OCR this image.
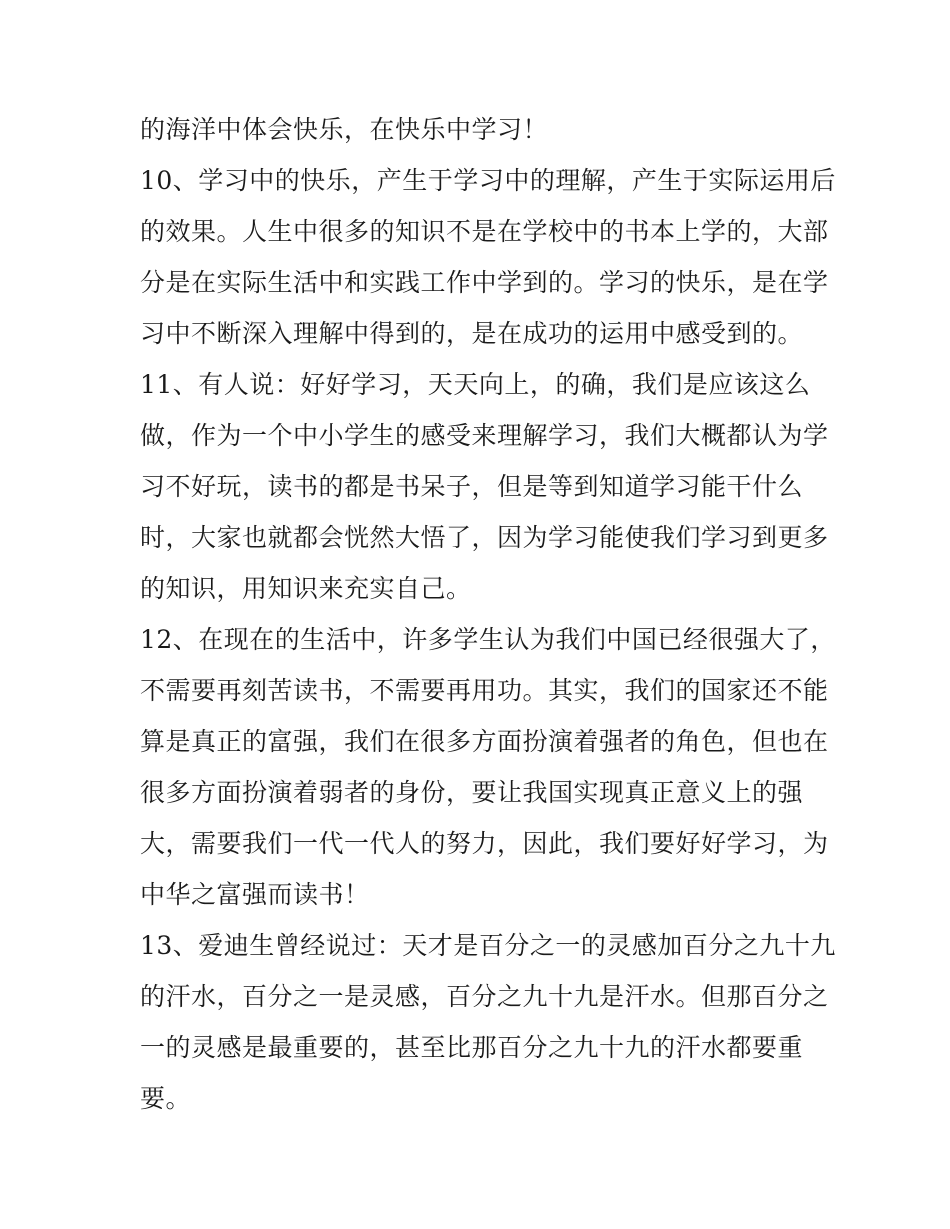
的海洋中体会快乐，在快乐中学习！
10、学习中的快乐，产生于学习中的理解，产生于实际运用后
的效果。人生中很多的知识不是在学校中的书本上学的，大部
分是在实际生活中和实践工作中学到的。学习的快乐，是在学
习中不断深入理解中得到的，是在成功的运用中感受到的。
11、有人说：好好学习，天天向上，的确，我们是应该这么
做，作为一个中小学生的感受来理解学习，我们大概都认为学
习不好玩，读书的都是书呆子，但是等到知道学习能干什么
时，大家也就都会恍然大悟了，因为学习能使我们学习到更多
的知识，用知识来充实自己。
12、在现在的生活中，许多学生认为我们中国已经很强大了，
不需要再刻苦读书，不需要再用功。其实，我们的国家还不能
算是真正的富强，我们在很多方面扮演着强者的角色，但也在
很多方面扮演着弱者的身份，要让我国实现真正意义上的强
大，需要我们一代一代人的努力，因此，我们要好好学习，为
中华之富强而读书！
13、爱迪生曾经说过：天才是百分之一的灵感加百分之九十九
的汗水，百分之一是灵感，百分之九十九是汗水。但那百分之
一的灵感是最重要的，甚至比那百分之九十九的汗水都要重
要。
